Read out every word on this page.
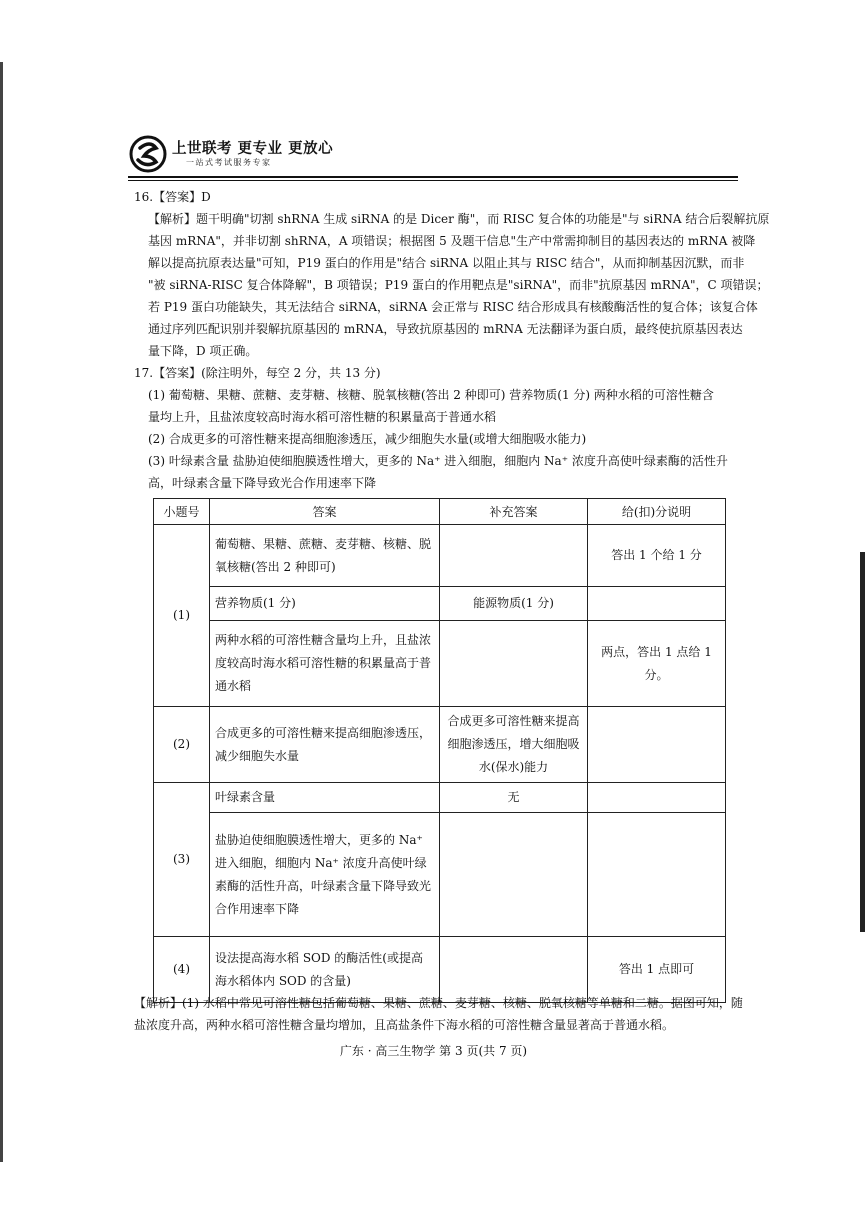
上世联考 更专业 更放心
一站式考试服务专家
16.【答案】D
【解析】题干明确"切割 shRNA 生成 siRNA 的是 Dicer 酶"，而 RISC 复合体的功能是"与 siRNA 结合后裂解抗原
基因 mRNA"，并非切割 shRNA，A 项错误；根据图 5 及题干信息"生产中常需抑制目的基因表达的 mRNA 被降
解以提高抗原表达量"可知，P19 蛋白的作用是"结合 siRNA 以阻止其与 RISC 结合"，从而抑制基因沉默，而非
"被 siRNA-RISC 复合体降解"，B 项错误；P19 蛋白的作用靶点是"siRNA"，而非"抗原基因 mRNA"，C 项错误；
若 P19 蛋白功能缺失，其无法结合 siRNA，siRNA 会正常与 RISC 结合形成具有核酸酶活性的复合体；该复合体
通过序列匹配识别并裂解抗原基因的 mRNA，导致抗原基因的 mRNA 无法翻译为蛋白质，最终使抗原基因表达
量下降，D 项正确。
17.【答案】(除注明外，每空 2 分，共 13 分)
(1) 葡萄糖、果糖、蔗糖、麦芽糖、核糖、脱氧核糖(答出 2 种即可) 营养物质(1 分) 两种水稻的可溶性糖含
量均上升，且盐浓度较高时海水稻可溶性糖的积累量高于普通水稻
(2) 合成更多的可溶性糖来提高细胞渗透压，减少细胞失水量(或增大细胞吸水能力)
(3) 叶绿素含量 盐胁迫使细胞膜透性增大，更多的 Na⁺ 进入细胞，细胞内 Na⁺ 浓度升高使叶绿素酶的活性升
高，叶绿素含量下降导致光合作用速率下降
小题号	答案	补充答案	给(扣)分说明
(1)	葡萄糖、果糖、蔗糖、麦芽糖、核糖、脱氧核糖(答出 2 种即可)		答出 1 个给 1 分
	营养物质(1 分)	能源物质(1 分)	
	两种水稻的可溶性糖含量均上升，且盐浓度较高时海水稻可溶性糖的积累量高于普通水稻		两点，答出 1 点给 1 分。
(2)	合成更多的可溶性糖来提高细胞渗透压，减少细胞失水量	合成更多可溶性糖来提高细胞渗透压，增大细胞吸水(保水)能力	
(3)	叶绿素含量	无	
	盐胁迫使细胞膜透性增大，更多的 Na⁺ 进入细胞，细胞内 Na⁺ 浓度升高使叶绿素酶的活性升高，叶绿素含量下降导致光合作用速率下降		
(4)	设法提高海水稻 SOD 的酶活性(或提高海水稻体内 SOD 的含量)		答出 1 点即可
【解析】(1) 水稻中常见可溶性糖包括葡萄糖、果糖、蔗糖、麦芽糖、核糖、脱氧核糖等单糖和二糖。据图可知，随
盐浓度升高，两种水稻可溶性糖含量均增加，且高盐条件下海水稻的可溶性糖含量显著高于普通水稻。
广东 · 高三生物学 第 3 页(共 7 页)
